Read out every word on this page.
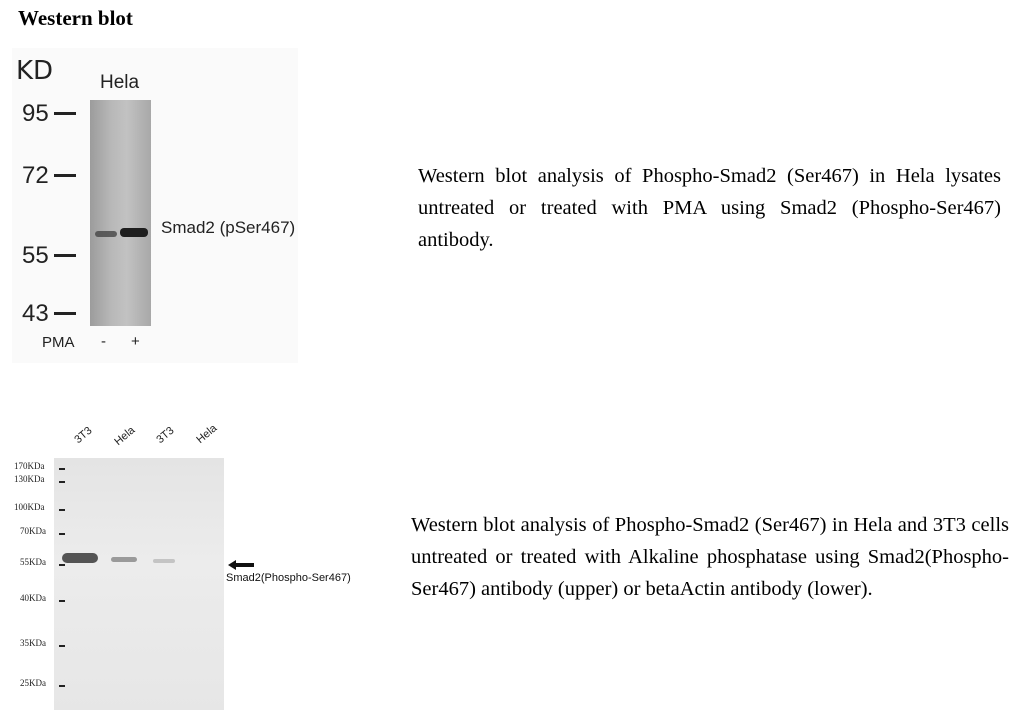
Western blot
KD Hela
95
72
55
43
Smad2 (pSer467)
PMA - +
Western blot analysis of Phospho-Smad2 (Ser467) in Hela lysates untreated or treated with PMA using Smad2 (Phospho-Ser467) antibody.
3T3 Hela 3T3 Hela
170KDa
130KDa
100KDa
70KDa
55KDa
40KDa
35KDa
25KDa
Smad2(Phospho-Ser467)
Western blot analysis of Phospho-Smad2 (Ser467) in Hela and 3T3 cells untreated or treated with Alkaline phosphatase using Smad2(Phospho-Ser467) antibody (upper) or betaActin antibody (lower).
